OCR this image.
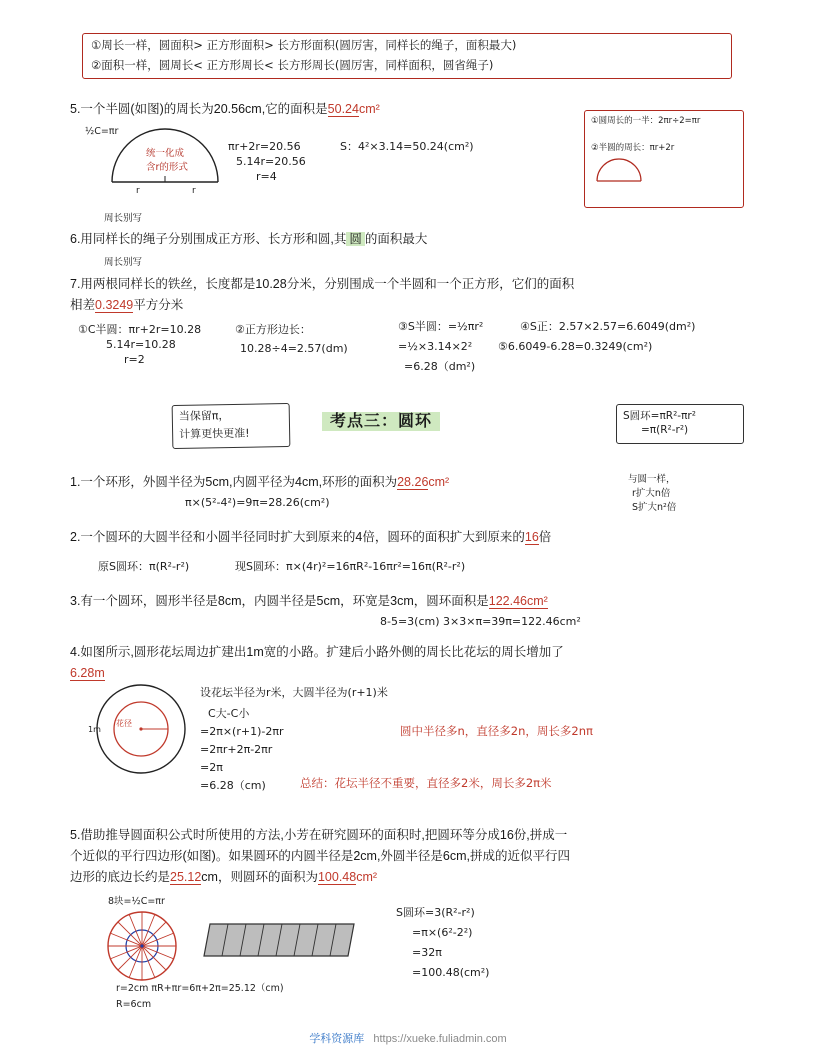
①周长一样，圆面积> 正方形面积> 长方形面积(圆厉害，同样长的绳子，面积最大)
②面积一样，圆周长< 正方形周长< 长方形周长(圆厉害，同样面积，圆省绳子)
5.一个半圆(如图)的周长为20.56cm,它的面积是50.24cm²
r	r
½C=πr
统一化成
含r的形式
πr+2r=20.56
5.14r=20.56
r=4
S：4²×3.14=50.24(cm²)
周长别写
①圆周长的一半：2πr÷2=πr
②半圆的周长：πr+2r
6.用同样长的绳子分别围成正方形、长方形和圆,其 圆 的面积最大
周长别写
7.用两根同样长的铁丝，长度都是10.28分米，分别围成一个半圆和一个正方形，它们的面积
相差0.3249平方分米
①C半圆：πr+2r=10.28
5.14r=10.28
r=2
②正方形边长：
10.28÷4=2.57(dm)
③S半圆：=½πr²
=½×3.14×2²
=6.28（dm²)
④S正：2.57×2.57=6.6049(dm²)
⑤6.6049-6.28=0.3249(cm²)
当保留π，
计算更快更准!
考点三：圆环	S圆环=πR²-πr²
=π(R²-r²)
1.一个环形，外圆半径为5cm,内圆平径为4cm,环形的面积为28.26cm²
π×(5²-4²)=9π=28.26(cm²)
与圆一样，
r扩大n倍
S扩大n²倍
2.一个圆环的大圆半径和小圆半径同时扩大到原来的4倍，圆环的面积扩大到原来的16倍
原S圆环：π(R²-r²)	现S圆环：π×(4r)²=16πR²-16πr²=16π(R²-r²)
3.有一个圆环，圆形半径是8cm，内圆半径是5cm，环宽是3cm，圆环面积是122.46cm²
8-5=3(cm) 3×3×π=39π=122.46cm²
4.如图所示,圆形花坛周边扩建出1m宽的小路。扩建后小路外侧的周长比花坛的周长增加了
6.28m
花径
1m
设花坛半径为r米，大圆半径为(r+1)米
C大-C小
=2π×(r+1)-2πr
=2πr+2π-2πr
=2π
=6.28（cm)
圆中半径多n，直径多2n，周长多2nπ
总结：花坛半径不重要，直径多2米，周长多2π米
5.借助推导圆面积公式时所使用的方法,小芳在研究圆环的面积时,把圆环等分成16份,拼成一
个近似的平行四边形(如图)。如果圆环的内圆半径是2cm,外圆半径是6cm,拼成的近似平行四
边形的底边长约是25.12cm，则圆环的面积为100.48cm²
8块=½C=πr
r=2cm πR+πr=6π+2π=25.12（cm)
R=6cm
S圆环=3(R²-r²)
=π×(6²-2²)
=32π
=100.48(cm²)
学科资源库 https://xueke.fuliadmin.com
